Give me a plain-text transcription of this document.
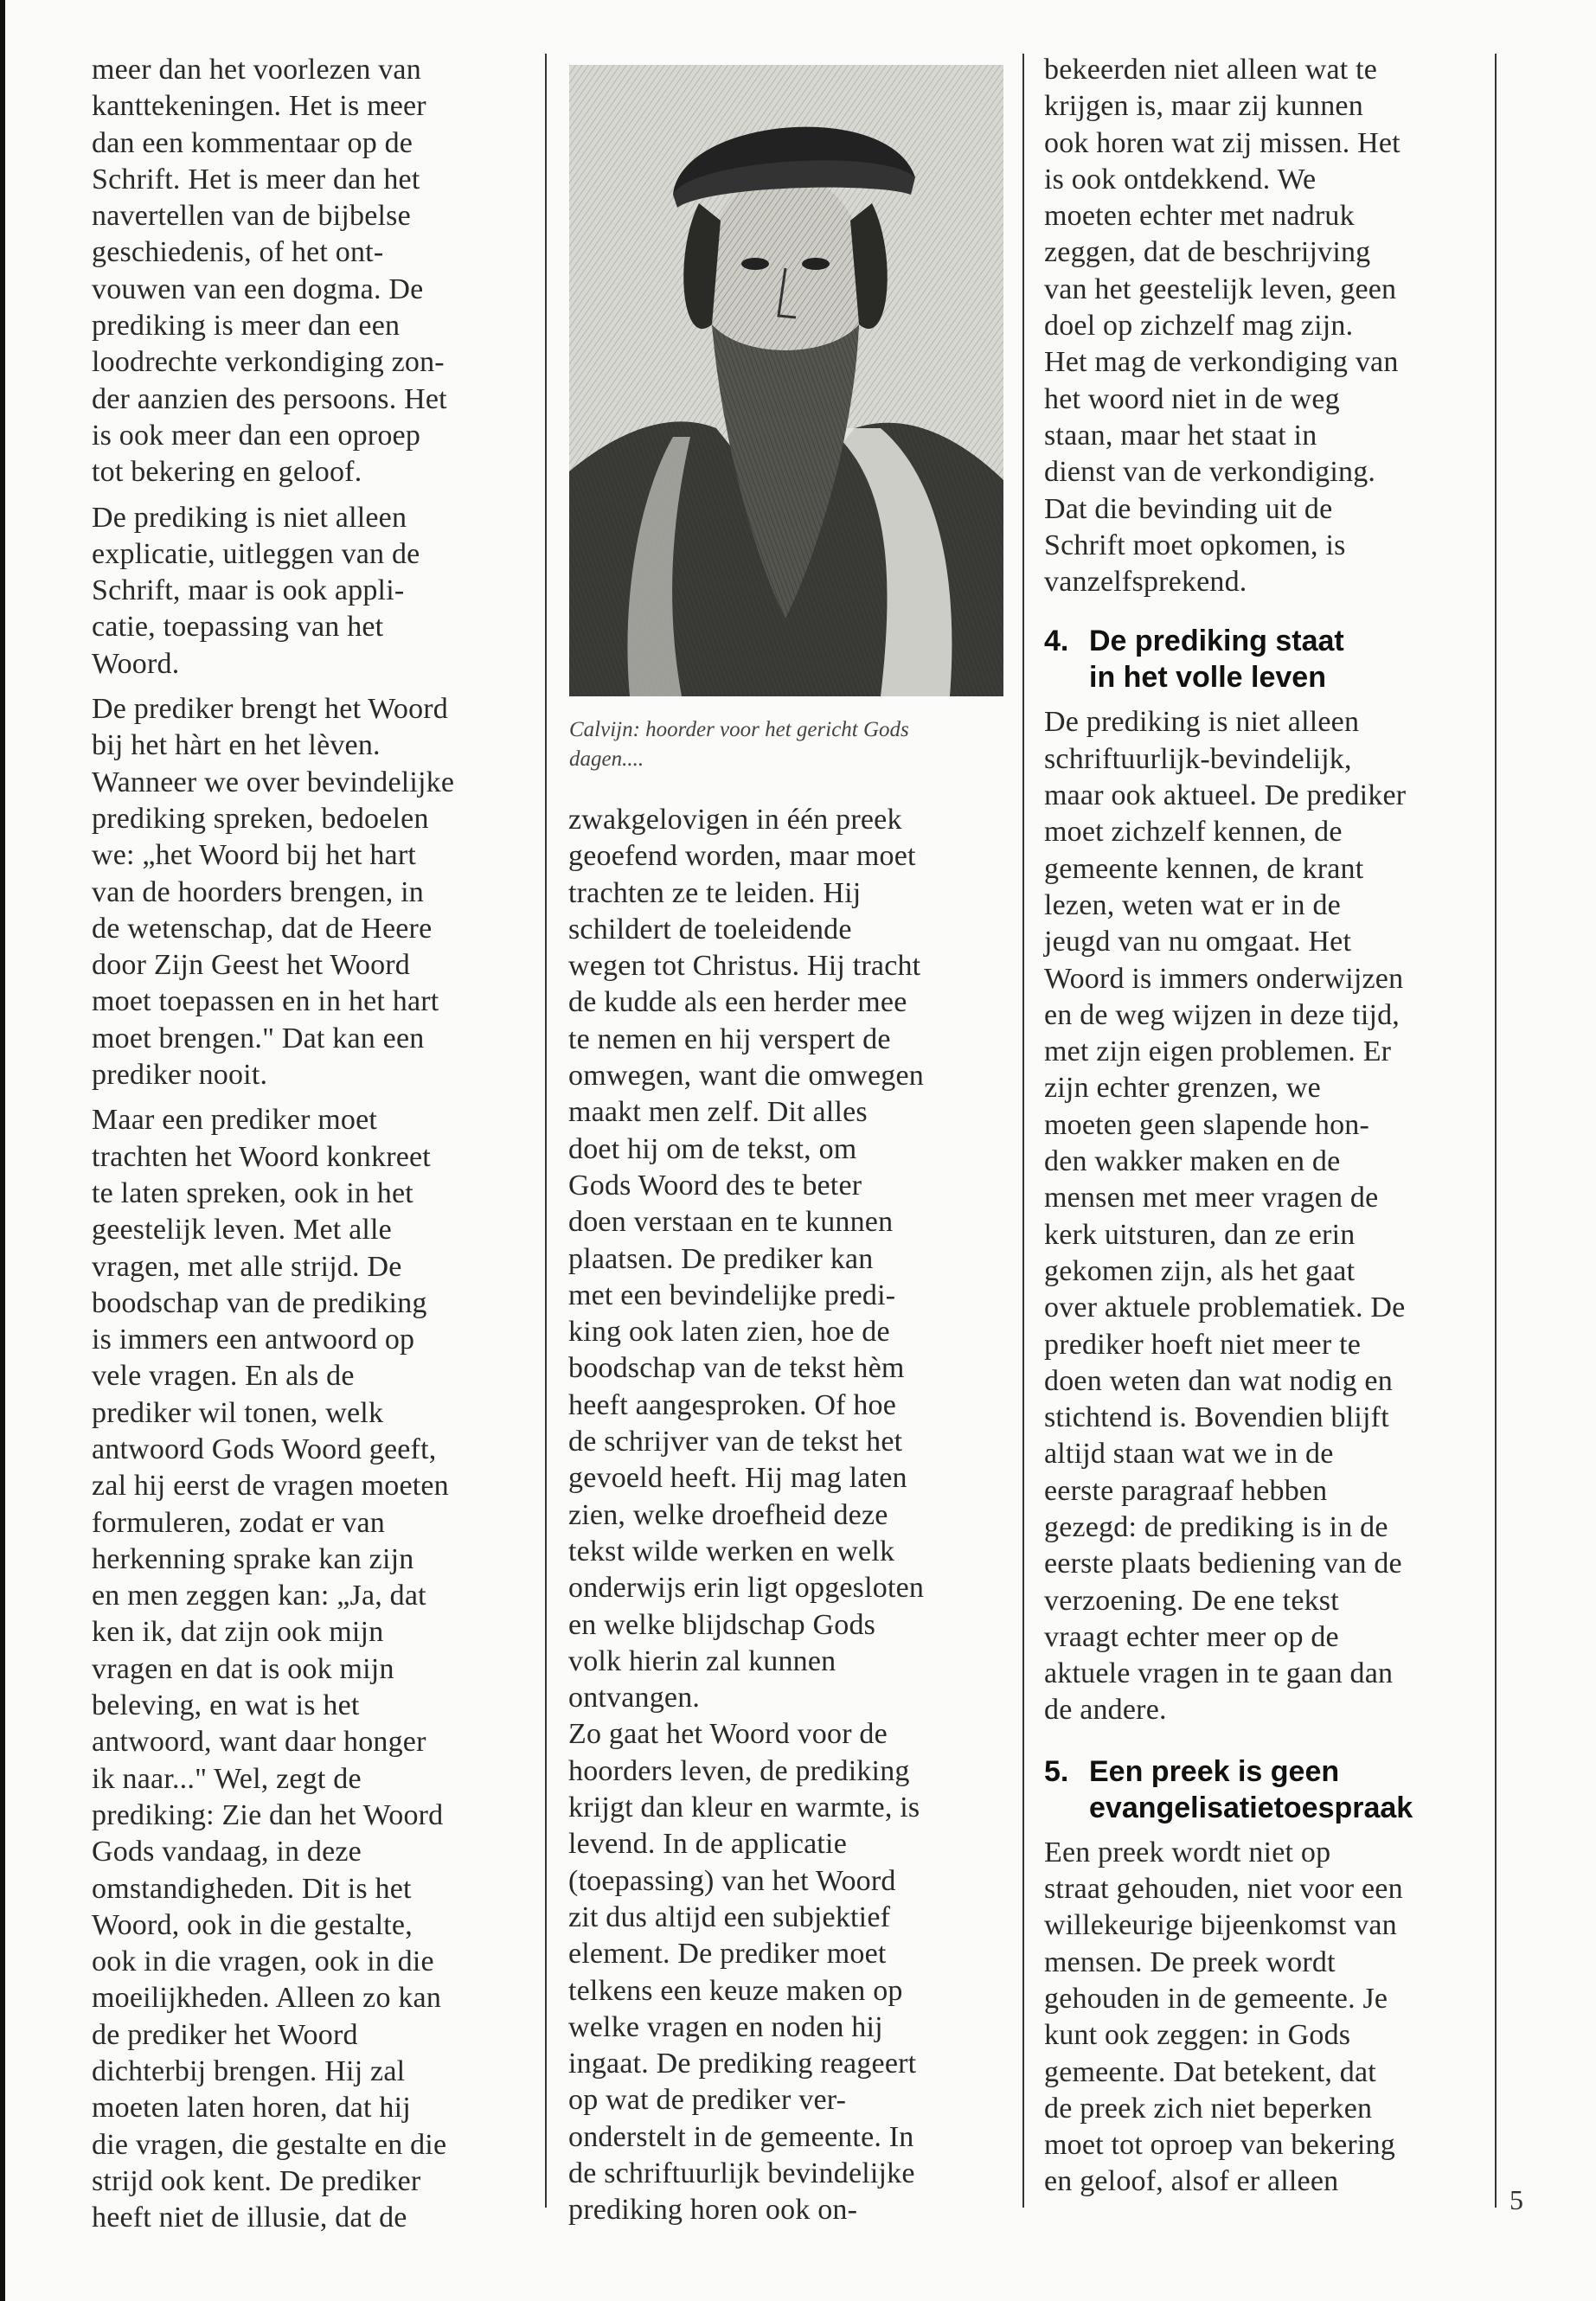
meer dan het voorlezen van
kanttekeningen. Het is meer
dan een kommentaar op de
Schrift. Het is meer dan het
navertellen van de bijbelse
geschiedenis, of het ont-
vouwen van een dogma. De
prediking is meer dan een
loodrechte verkondiging zon-
der aanzien des persoons. Het
is ook meer dan een oproep
tot bekering en geloof.

De prediking is niet alleen
explicatie, uitleggen van de
Schrift, maar is ook appli-
catie, toepassing van het
Woord.

De prediker brengt het Woord
bij het hàrt en het lèven.
Wanneer we over bevindelijke
prediking spreken, bedoelen
we: „het Woord bij het hart
van de hoorders brengen, in
de wetenschap, dat de Heere
door Zijn Geest het Woord
moet toepassen en in het hart
moet brengen." Dat kan een
prediker nooit.

Maar een prediker moet
trachten het Woord konkreet
te laten spreken, ook in het
geestelijk leven. Met alle
vragen, met alle strijd. De
boodschap van de prediking
is immers een antwoord op
vele vragen. En als de
prediker wil tonen, welk
antwoord Gods Woord geeft,
zal hij eerst de vragen moeten
formuleren, zodat er van
herkenning sprake kan zijn
en men zeggen kan: „Ja, dat
ken ik, dat zijn ook mijn
vragen en dat is ook mijn
beleving, en wat is het
antwoord, want daar honger
ik naar..." Wel, zegt de
prediking: Zie dan het Woord
Gods vandaag, in deze
omstandigheden. Dit is het
Woord, ook in die gestalte,
ook in die vragen, ook in die
moeilijkheden. Alleen zo kan
de prediker het Woord
dichterbij brengen. Hij zal
moeten laten horen, dat hij
die vragen, die gestalte en die
strijd ook kent. De prediker
heeft niet de illusie, dat de

Calvijn: hoorder voor het gericht Gods
dagen....

zwakgelovigen in één preek
geoefend worden, maar moet
trachten ze te leiden. Hij
schildert de toeleidende
wegen tot Christus. Hij tracht
de kudde als een herder mee
te nemen en hij verspert de
omwegen, want die omwegen
maakt men zelf. Dit alles
doet hij om de tekst, om
Gods Woord des te beter
doen verstaan en te kunnen
plaatsen. De prediker kan
met een bevindelijke predi-
king ook laten zien, hoe de
boodschap van de tekst hèm
heeft aangesproken. Of hoe
de schrijver van de tekst het
gevoeld heeft. Hij mag laten
zien, welke droefheid deze
tekst wilde werken en welk
onderwijs erin ligt opgesloten
en welke blijdschap Gods
volk hierin zal kunnen
ontvangen.

Zo gaat het Woord voor de
hoorders leven, de prediking
krijgt dan kleur en warmte, is
levend. In de applicatie
(toepassing) van het Woord
zit dus altijd een subjektief
element. De prediker moet
telkens een keuze maken op
welke vragen en noden hij
ingaat. De prediking reageert
op wat de prediker ver-
onderstelt in de gemeente. In
de schriftuurlijk bevindelijke
prediking horen ook on-

bekeerden niet alleen wat te
krijgen is, maar zij kunnen
ook horen wat zij missen. Het
is ook ontdekkend. We
moeten echter met nadruk
zeggen, dat de beschrijving
van het geestelijk leven, geen
doel op zichzelf mag zijn.
Het mag de verkondiging van
het woord niet in de weg
staan, maar het staat in
dienst van de verkondiging.
Dat die bevinding uit de
Schrift moet opkomen, is
vanzelfsprekend.

4. De prediking staat
in het volle leven

De prediking is niet alleen
schriftuurlijk-bevindelijk,
maar ook aktueel. De prediker
moet zichzelf kennen, de
gemeente kennen, de krant
lezen, weten wat er in de
jeugd van nu omgaat. Het
Woord is immers onderwijzen
en de weg wijzen in deze tijd,
met zijn eigen problemen. Er
zijn echter grenzen, we
moeten geen slapende hon-
den wakker maken en de
mensen met meer vragen de
kerk uitsturen, dan ze erin
gekomen zijn, als het gaat
over aktuele problematiek. De
prediker hoeft niet meer te
doen weten dan wat nodig en
stichtend is. Bovendien blijft
altijd staan wat we in de
eerste paragraaf hebben
gezegd: de prediking is in de
eerste plaats bediening van de
verzoening. De ene tekst
vraagt echter meer op de
aktuele vragen in te gaan dan
de andere.

5. Een preek is geen
evangelisatietoespraak

Een preek wordt niet op
straat gehouden, niet voor een
willekeurige bijeenkomst van
mensen. De preek wordt
gehouden in de gemeente. Je
kunt ook zeggen: in Gods
gemeente. Dat betekent, dat
de preek zich niet beperken
moet tot oproep van bekering
en geloof, alsof er alleen

5
